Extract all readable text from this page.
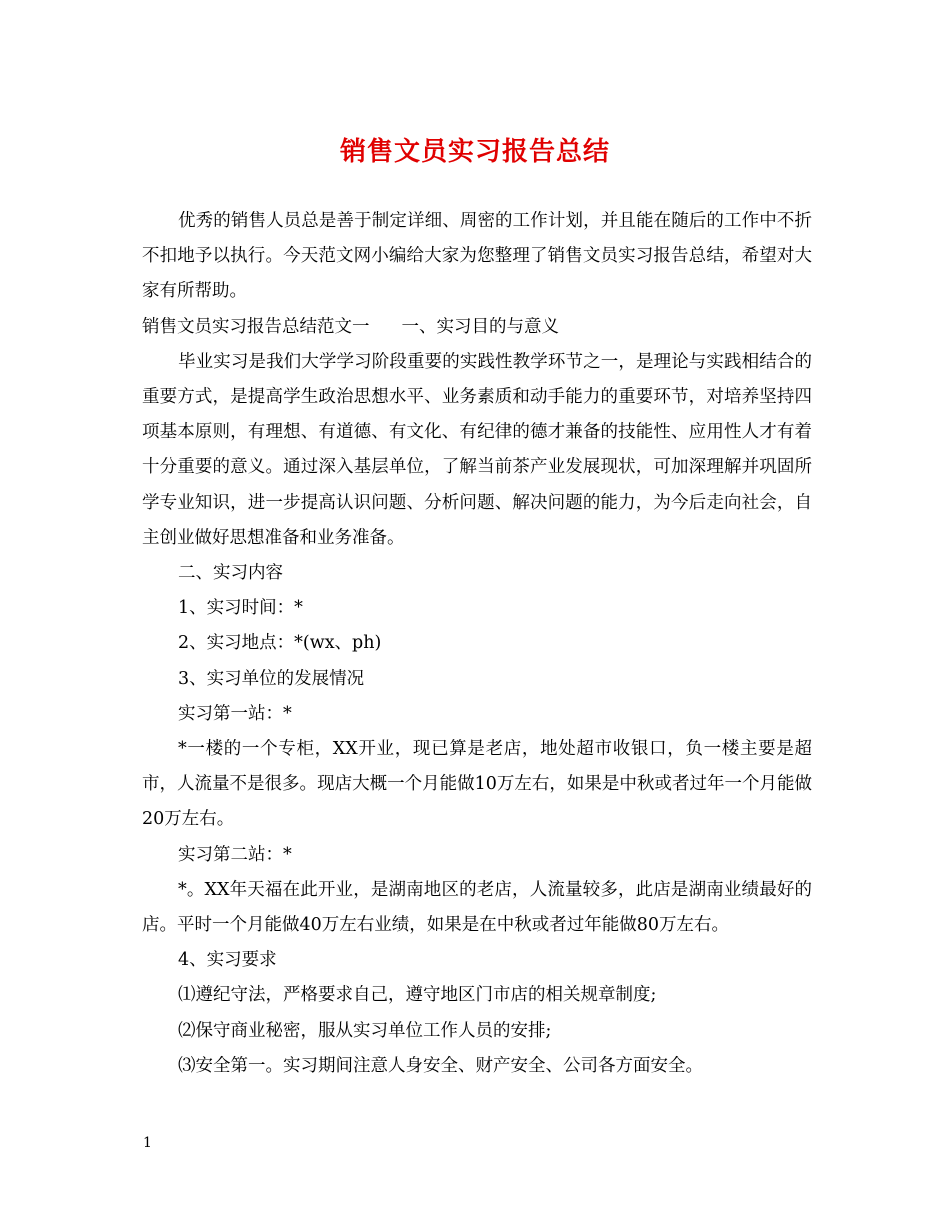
销售文员实习报告总结

优秀的销售人员总是善于制定详细、周密的工作计划，并且能在随后的工作中不折不扣地予以执行。今天范文网小编给大家为您整理了销售文员实习报告总结，希望对大家有所帮助。

销售文员实习报告总结范文一 一、实习目的与意义

毕业实习是我们大学学习阶段重要的实践性教学环节之一，是理论与实践相结合的重要方式，是提高学生政治思想水平、业务素质和动手能力的重要环节，对培养坚持四项基本原则，有理想、有道德、有文化、有纪律的德才兼备的技能性、应用性人才有着十分重要的意义。通过深入基层单位，了解当前茶产业发展现状，可加深理解并巩固所学专业知识，进一步提高认识问题、分析问题、解决问题的能力，为今后走向社会，自主创业做好思想准备和业务准备。

二、实习内容

1、实习时间：*

2、实习地点：*(wx、ph)

3、实习单位的发展情况

实习第一站：*

*一楼的一个专柜，XX开业，现已算是老店，地处超市收银口，负一楼主要是超市，人流量不是很多。现店大概一个月能做10万左右，如果是中秋或者过年一个月能做20万左右。

实习第二站：*

*。XX年天福在此开业，是湖南地区的老店，人流量较多，此店是湖南业绩最好的店。平时一个月能做40万左右业绩，如果是在中秋或者过年能做80万左右。

4、实习要求

⑴遵纪守法，严格要求自己，遵守地区门市店的相关规章制度;

⑵保守商业秘密，服从实习单位工作人员的安排;

⑶安全第一。实习期间注意人身安全、财产安全、公司各方面安全。

1
